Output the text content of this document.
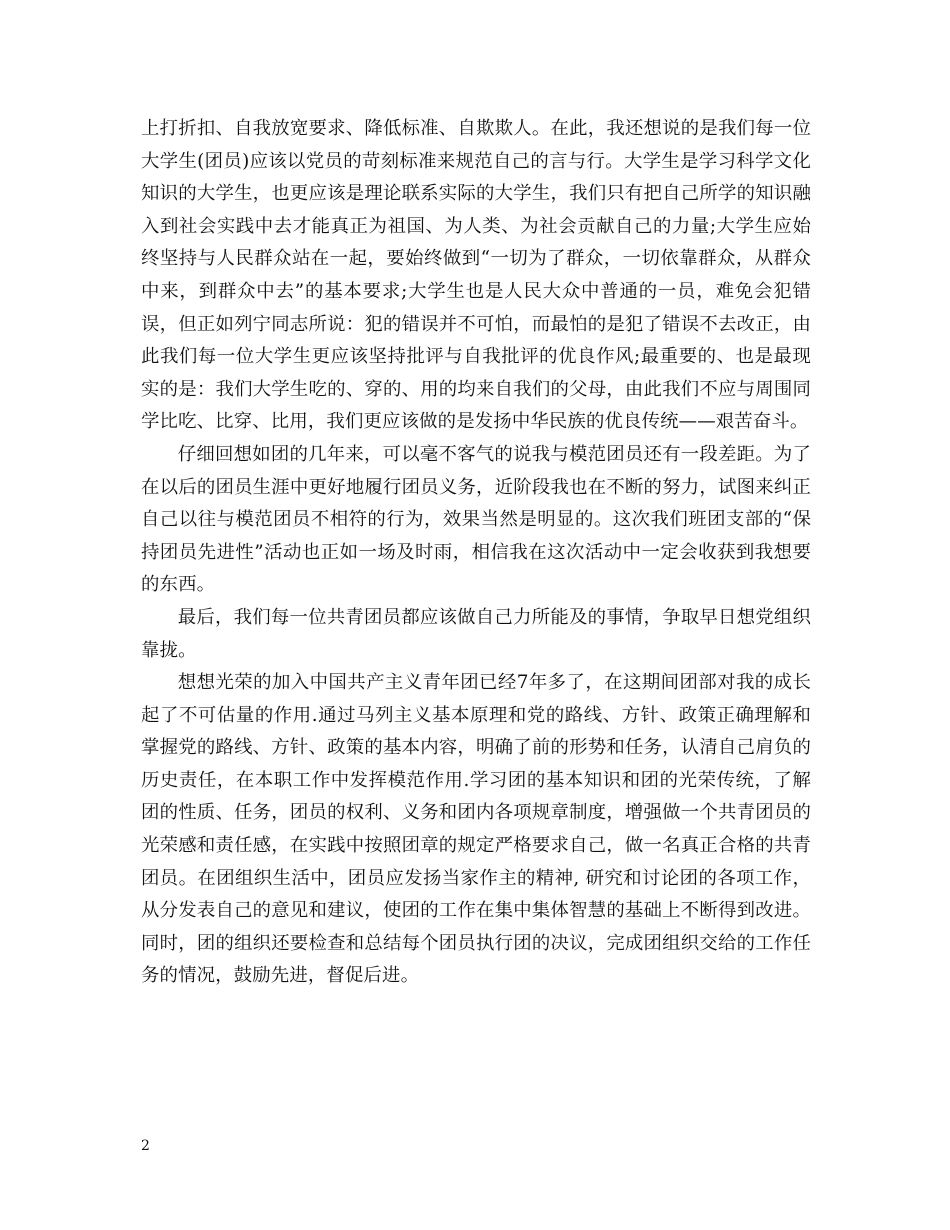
上打折扣、自我放宽要求、降低标准、自欺欺人。在此，我还想说的是我们每一位大学生(团员)应该以党员的苛刻标准来规范自己的言与行。大学生是学习科学文化知识的大学生，也更应该是理论联系实际的大学生，我们只有把自己所学的知识融入到社会实践中去才能真正为祖国、为人类、为社会贡献自己的力量;大学生应始终坚持与人民群众站在一起，要始终做到“一切为了群众，一切依靠群众，从群众中来，到群众中去”的基本要求;大学生也是人民大众中普通的一员，难免会犯错误，但正如列宁同志所说：犯的错误并不可怕，而最怕的是犯了错误不去改正，由此我们每一位大学生更应该坚持批评与自我批评的优良作风;最重要的、也是最现实的是：我们大学生吃的、穿的、用的均来自我们的父母，由此我们不应与周围同学比吃、比穿、比用，我们更应该做的是发扬中华民族的优良传统——艰苦奋斗。

仔细回想如团的几年来，可以毫不客气的说我与模范团员还有一段差距。为了在以后的团员生涯中更好地履行团员义务，近阶段我也在不断的努力，试图来纠正自己以往与模范团员不相符的行为，效果当然是明显的。这次我们班团支部的“保持团员先进性”活动也正如一场及时雨，相信我在这次活动中一定会收获到我想要的东西。

最后，我们每一位共青团员都应该做自己力所能及的事情，争取早日想党组织靠拢。

想想光荣的加入中国共产主义青年团已经7年多了，在这期间团部对我的成长起了不可估量的作用.通过马列主义基本原理和党的路线、方针、政策正确理解和掌握党的路线、方针、政策的基本内容，明确了前的形势和任务，认清自己肩负的历史责任，在本职工作中发挥模范作用.学习团的基本知识和团的光荣传统，了解团的性质、任务，团员的权利、义务和团内各项规章制度，增强做一个共青团员的光荣感和责任感，在实践中按照团章的规定严格要求自己，做一名真正合格的共青团员。在团组织生活中，团员应发扬当家作主的精神, 研究和讨论团的各项工作，从分发表自己的意见和建议，使团的工作在集中集体智慧的基础上不断得到改进。同时，团的组织还要检查和总结每个团员执行团的决议，完成团组织交给的工作任务的情况，鼓励先进，督促后进。

2
